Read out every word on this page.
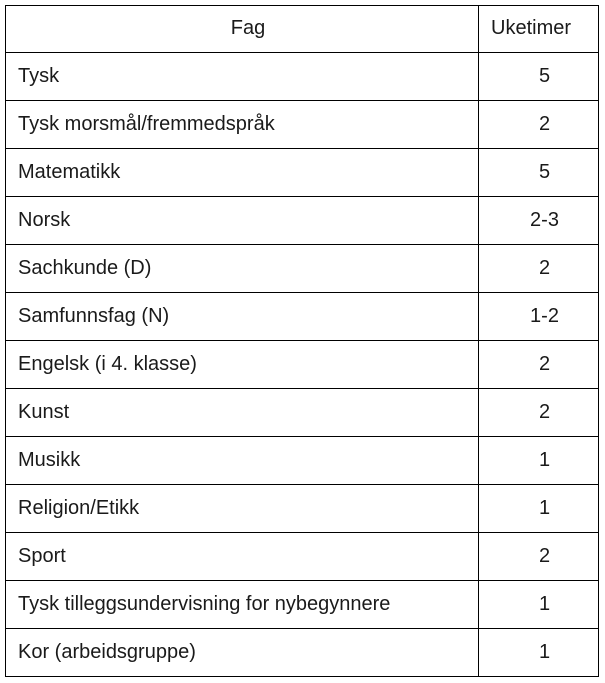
Fag	Uketimer
Tysk	5
Tysk morsmål/fremmedspråk	2
Matematikk	5
Norsk	2-3
Sachkunde (D)	2
Samfunnsfag (N)	1-2
Engelsk (i 4. klasse)	2
Kunst	2
Musikk	1
Religion/Etikk	1
Sport	2
Tysk tilleggsundervisning for nybegynnere	1
Kor (arbeidsgruppe)	1
